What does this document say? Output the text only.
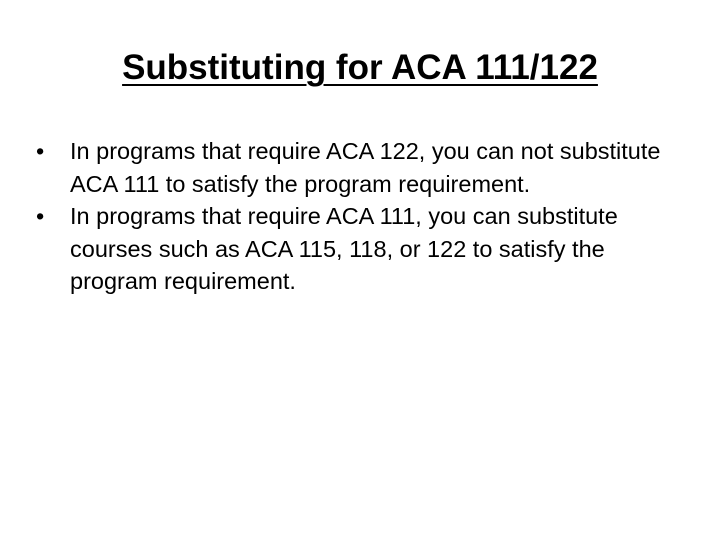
Substituting for ACA 111/122
•	In programs that require ACA 122, you can not substitute ACA 111 to satisfy the program requirement.
•	In programs that require ACA 111, you can substitute courses such as ACA 115, 118, or 122 to satisfy the program requirement.
